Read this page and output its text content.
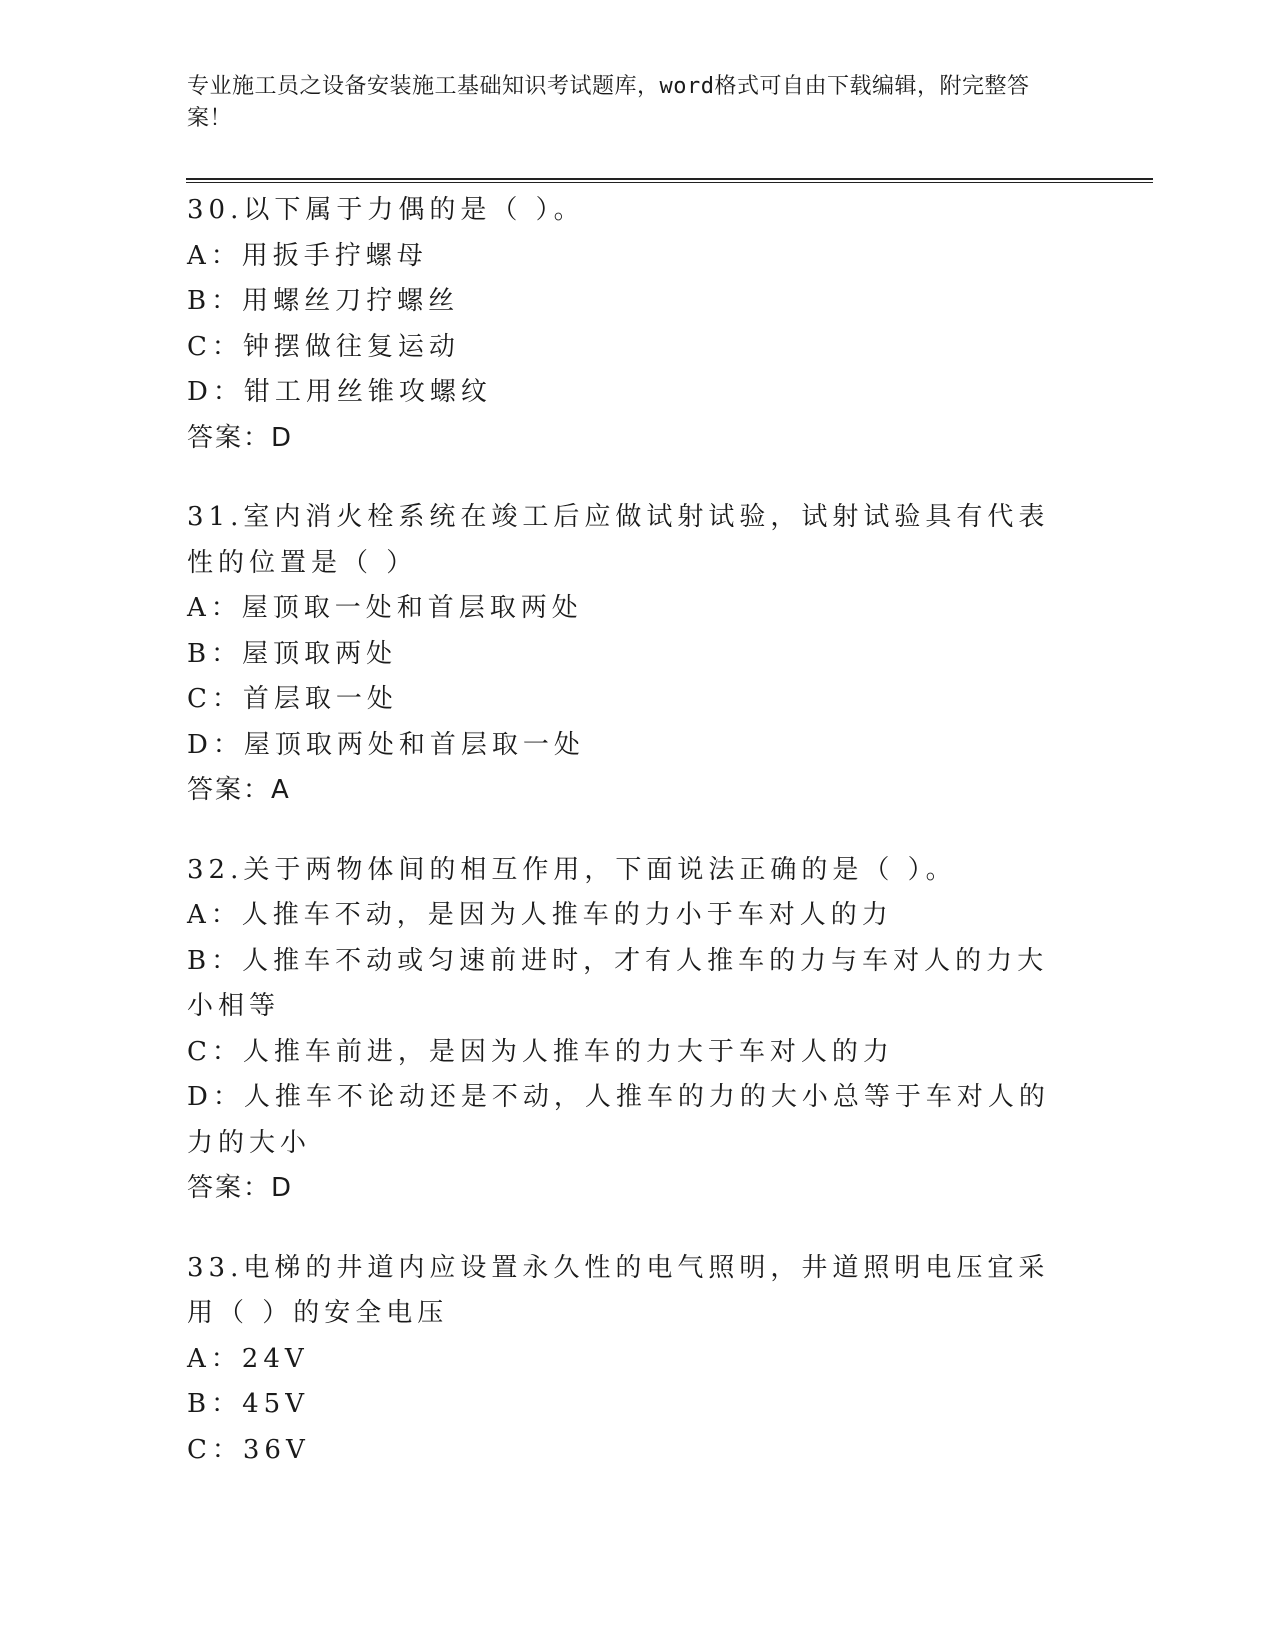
专业施工员之设备安装施工基础知识考试题库，word格式可自由下载编辑，附完整答案！
30.以下属于力偶的是（ ）。
A：用扳手拧螺母
B：用螺丝刀拧螺丝
C：钟摆做往复运动
D：钳工用丝锥攻螺纹
答案：D
31.室内消火栓系统在竣工后应做试射试验，试射试验具有代表性的位置是（ ）
A：屋顶取一处和首层取两处
B：屋顶取两处
C：首层取一处
D：屋顶取两处和首层取一处
答案：A
32.关于两物体间的相互作用，下面说法正确的是（ ）。
A：人推车不动，是因为人推车的力小于车对人的力
B：人推车不动或匀速前进时，才有人推车的力与车对人的力大小相等
C：人推车前进，是因为人推车的力大于车对人的力
D：人推车不论动还是不动，人推车的力的大小总等于车对人的力的大小
答案：D
33.电梯的井道内应设置永久性的电气照明，井道照明电压宜采用（ ）的安全电压
A：24V
B：45V
C：36V
